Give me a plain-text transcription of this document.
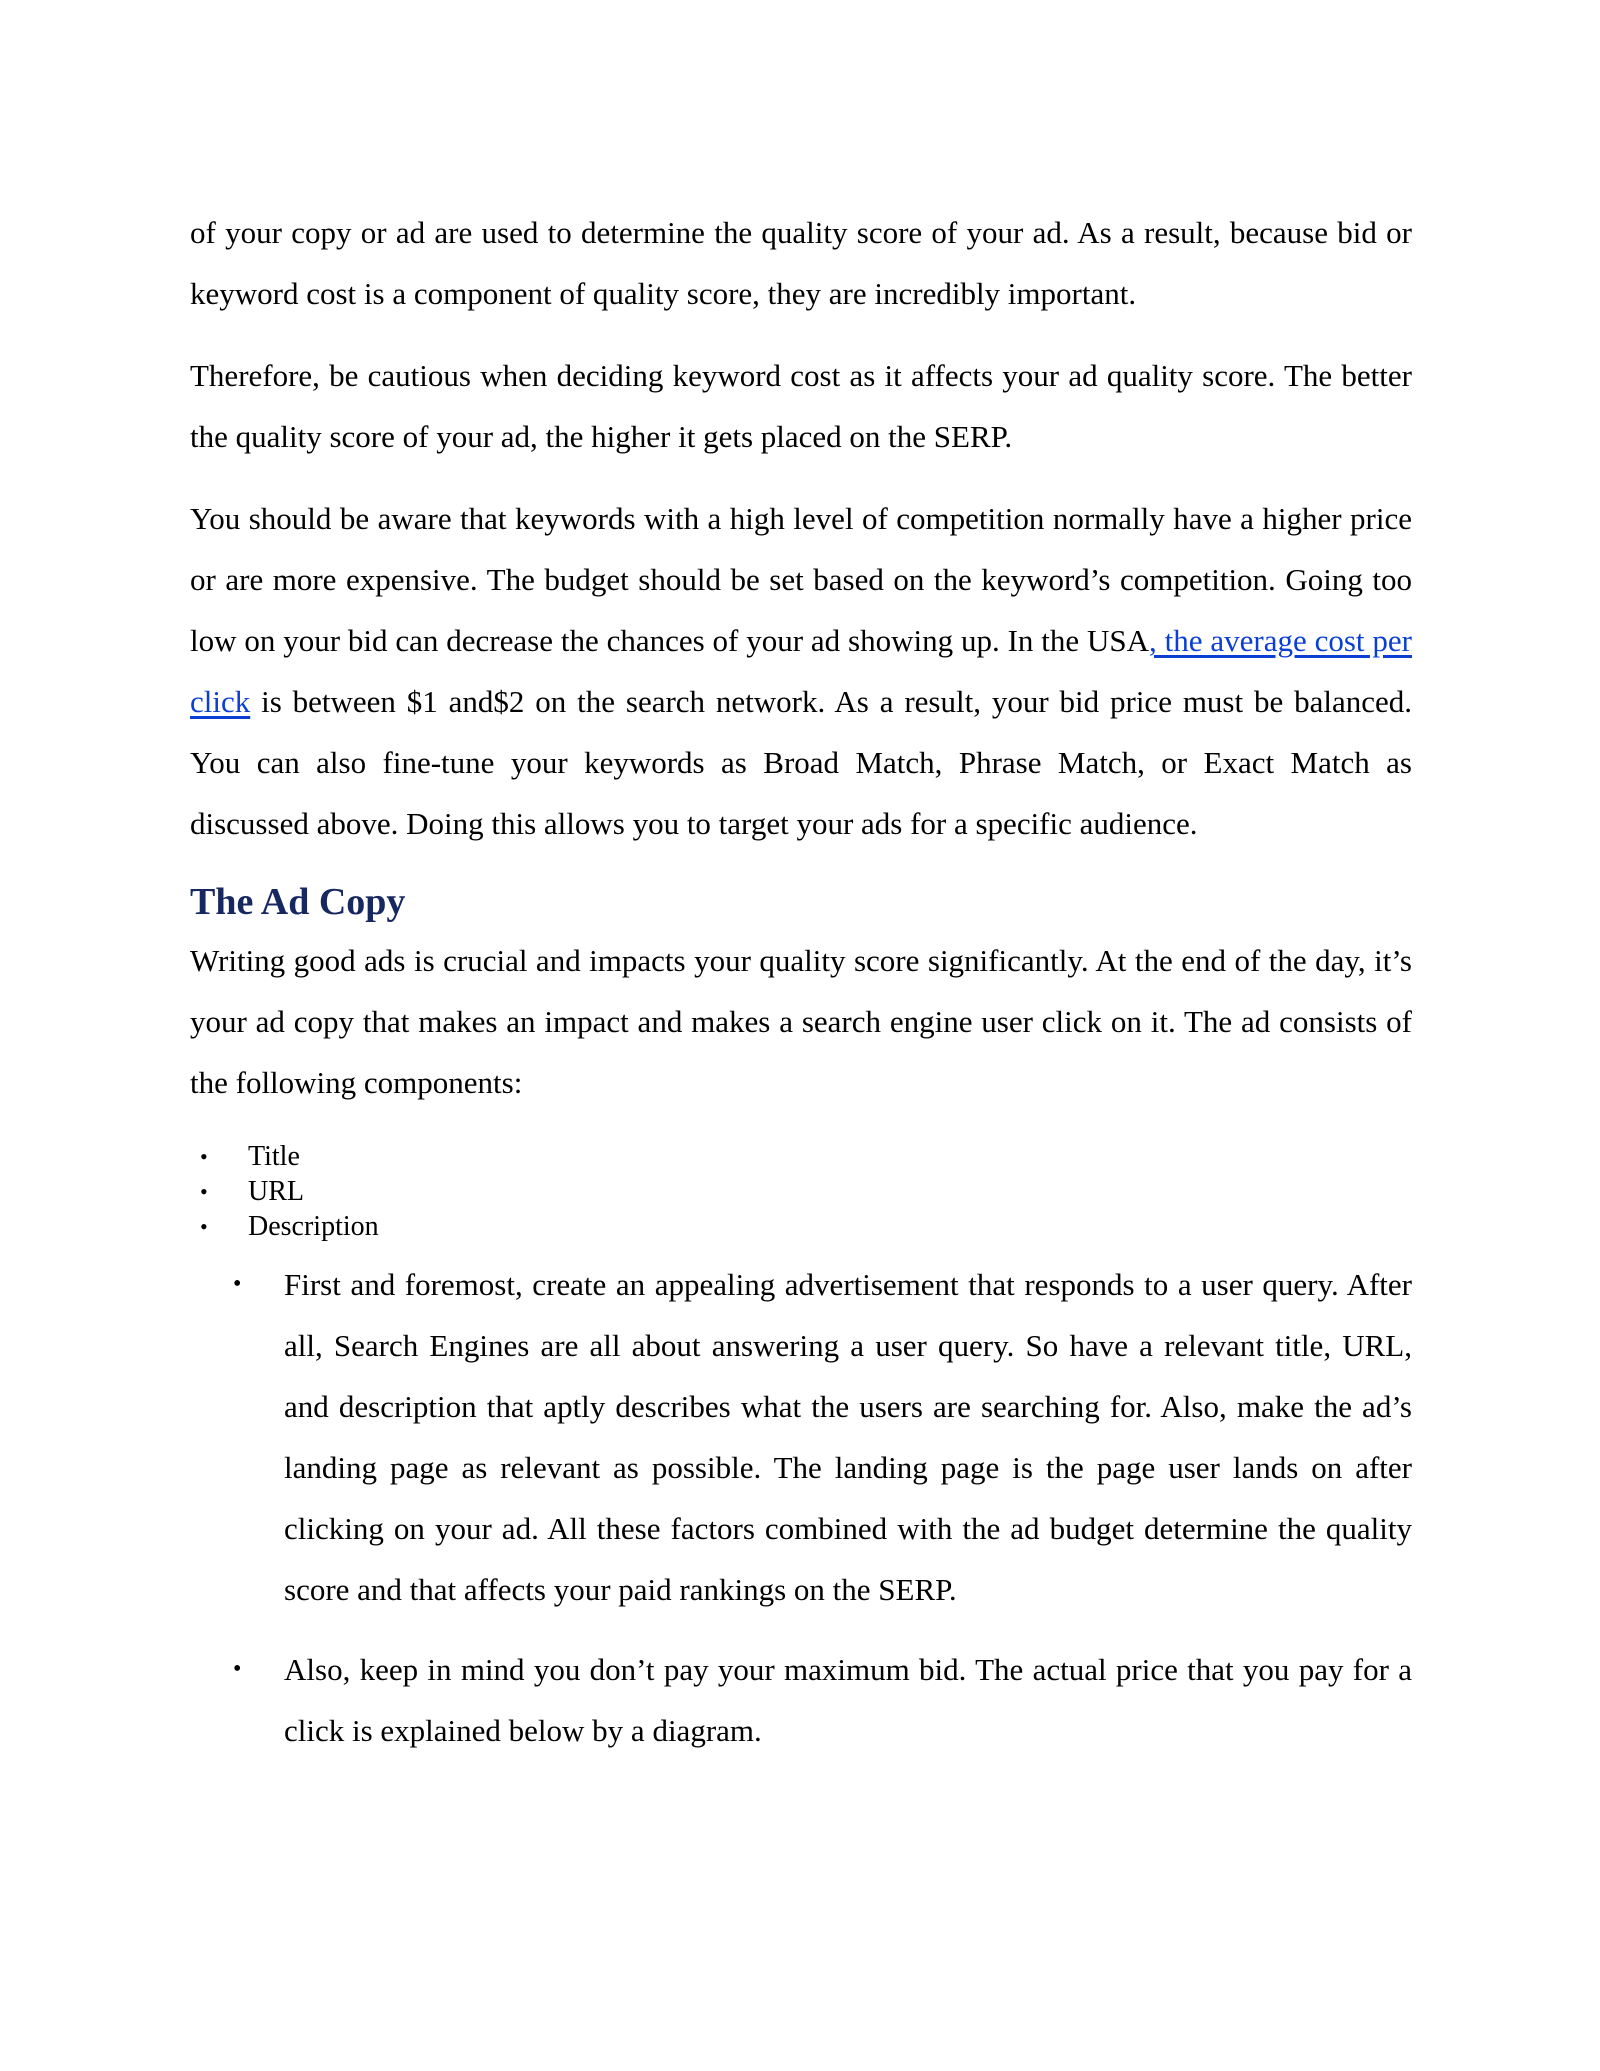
of your copy or ad are used to determine the quality score of your ad. As a result, because bid or keyword cost is a component of quality score, they are incredibly important.

Therefore, be cautious when deciding keyword cost as it affects your ad quality score. The better the quality score of your ad, the higher it gets placed on the SERP.

You should be aware that keywords with a high level of competition normally have a higher price or are more expensive. The budget should be set based on the keyword’s competition. Going too low on your bid can decrease the chances of your ad showing up. In the USA, the average cost per click is between $1 and$2 on the search network. As a result, your bid price must be balanced. You can also fine-tune your keywords as Broad Match, Phrase Match, or Exact Match as discussed above. Doing this allows you to target your ads for a specific audience.

The Ad Copy

Writing good ads is crucial and impacts your quality score significantly. At the end of the day, it’s your ad copy that makes an impact and makes a search engine user click on it. The ad consists of the following components:

• Title
• URL
• Description
• First and foremost, create an appealing advertisement that responds to a user query. After all, Search Engines are all about answering a user query. So have a relevant title, URL, and description that aptly describes what the users are searching for. Also, make the ad’s landing page as relevant as possible. The landing page is the page user lands on after clicking on your ad. All these factors combined with the ad budget determine the quality score and that affects your paid rankings on the SERP.
• Also, keep in mind you don’t pay your maximum bid. The actual price that you pay for a click is explained below by a diagram.
